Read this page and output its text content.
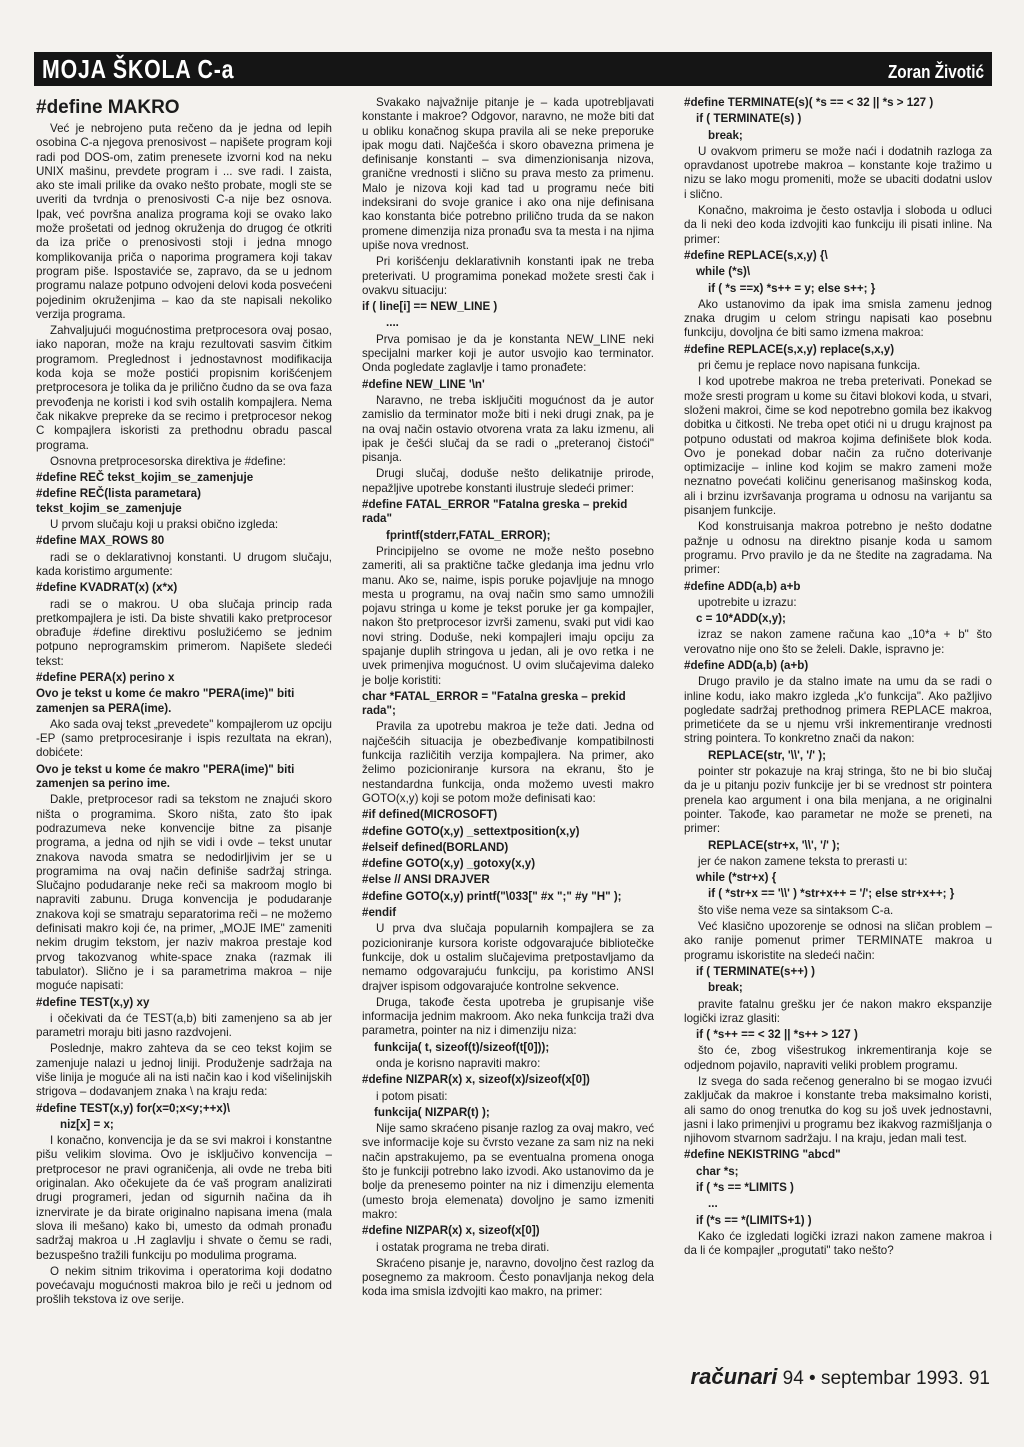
MOJA ŠKOLA C-a	Zoran Životić
#define MAKRO
Već je nebrojeno puta rečeno da je jedna od lepih osobina C-a njegova prenosivost – napišete program koji radi pod DOS-om, zatim prenesete izvorni kod na neku UNIX mašinu, prevdete program i ... sve radi. I zaista, ako ste imali prilike da ovako nešto probate, mogli ste se uveriti da tvrdnja o prenosivosti C-a nije bez osnova. Ipak, već površna analiza programa koji se ovako lako može prošetati od jednog okruženja do drugog će otkriti da iza priče o prenosivosti stoji i jedna mnogo komplikovanija priča o naporima programera koji takav program piše. Ispostaviće se, zapravo, da se u jednom programu nalaze potpuno odvojeni delovi koda posvećeni pojedinim okruženjima – kao da ste napisali nekoliko verzija programa.
Zahvaljujući mogućnostima pretprocesora ovaj posao, iako naporan, može na kraju rezultovati sasvim čitkim programom. Preglednost i jednostavnost modifikacija koda koja se može postići propisnim korišćenjem pretprocesora je tolika da je prilično čudno da se ova faza prevođenja ne koristi i kod svih ostalih kompajlera. Nema čak nikakve prepreke da se recimo i pretprocesor nekog C kompajlera iskoristi za prethodnu obradu pascal programa.
Osnovna pretprocesorska direktiva je #define:
#define REČ tekst_kojim_se_zamenjuje
#define REČ(lista parametara) tekst_kojim_se_zamenjuje
U prvom slučaju koji u praksi obično izgleda:
#define MAX_ROWS 80
radi se o deklarativnoj konstanti. U drugom slučaju, kada koristimo argumente:
#define KVADRAT(x) (x*x)
radi se o makrou. U oba slučaja princip rada pretkompajlera je isti. Da biste shvatili kako pretprocesor obrađuje #define direktivu poslužićemo se jednim potpuno neprogramskim primerom. Napišete sledeći tekst:
#define PERA(x) perino x
Ovo je tekst u kome će makro "PERA(ime)" biti zamenjen sa PERA(ime).
Ako sada ovaj tekst „prevedete" kompajlerom uz opciju -EP (samo pretprocesiranje i ispis rezultata na ekran), dobićete:
Ovo je tekst u kome će makro "PERA(ime)" biti zamenjen sa perino ime.
Dakle, pretprocesor radi sa tekstom ne znajući skoro ništa o programima. Skoro ništa, zato što ipak podrazumeva neke konvencije bitne za pisanje programa, a jedna od njih se vidi i ovde – tekst unutar znakova navoda smatra se nedodirljivim jer se u programima na ovaj način definiše sadržaj stringa. Slučajno podudaranje neke reči sa makroom moglo bi napraviti zabunu. Druga konvencija je podudaranje znakova koji se smatraju separatorima reči – ne možemo definisati makro koji će, na primer, „MOJE IME" zameniti nekim drugim tekstom, jer naziv makroa prestaje kod prvog takozvanog white-space znaka (razmak ili tabulator). Slično je i sa parametrima makroa – nije moguće napisati:
#define TEST(x,y) xy
i očekivati da će TEST(a,b) biti zamenjeno sa ab jer parametri moraju biti jasno razdvojeni.
Poslednje, makro zahteva da se ceo tekst kojim se zamenjuje nalazi u jednoj liniji. Produženje sadržaja na više linija je moguće ali na isti način kao i kod višelinijskih strigova – dodavanjem znaka \ na kraju reda:
#define TEST(x,y) for(x=0;x<y;++x)\
niz[x] = x;
I konačno, konvencija je da se svi makroi i konstantne pišu velikim slovima. Ovo je isključivo konvencija – pretprocesor ne pravi ograničenja, ali ovde ne treba biti originalan. Ako očekujete da će vaš program analizirati drugi programeri, jedan od sigurnih načina da ih iznervirate je da birate originalno napisana imena (mala slova ili mešano) kako bi, umesto da odmah pronađu sadržaj makroa u .H zaglavlju i shvate o čemu se radi, bezuspešno tražili funkciju po modulima programa.
O nekim sitnim trikovima i operatorima koji dodatno povećavaju mogućnosti makroa bilo je reči u jednom od prošlih tekstova iz ove serije.
Svakako najvažnije pitanje je – kada upotrebljavati konstante i makroe? Odgovor, naravno, ne može biti dat u obliku konačnog skupa pravila ali se neke preporuke ipak mogu dati. Najčešća i skoro obavezna primena je definisanje konstanti – sva dimenzionisanja nizova, granične vrednosti i slično su prava mesto za primenu. Malo je nizova koji kad tad u programu neće biti indeksirani do svoje granice i ako ona nije definisana kao konstanta biće potrebno prilično truda da se nakon promene dimenzija niza pronađu sva ta mesta i na njima upiše nova vrednost.
Pri korišćenju deklarativnih konstanti ipak ne treba preterivati. U programima ponekad možete sresti čak i ovakvu situaciju:
if ( line[i] == NEW_LINE )
....
Prva pomisao je da je konstanta NEW_LINE neki specijalni marker koji je autor usvojio kao terminator. Onda pogledate zaglavlje i tamo pronađete:
#define NEW_LINE '\n'
Naravno, ne treba isključiti mogućnost da je autor zamislio da terminator može biti i neki drugi znak, pa je na ovaj način ostavio otvorena vrata za laku izmenu, ali ipak je češći slučaj da se radi o „preteranoj čistoći" pisanja.
Drugi slučaj, doduše nešto delikatnije prirode, nepažljive upotrebe konstanti ilustruje sledeći primer:
#define FATAL_ERROR "Fatalna greska – prekid rada"
fprintf(stderr,FATAL_ERROR);
Principijelno se ovome ne može nešto posebno zameriti, ali sa praktične tačke gledanja ima jednu vrlo manu. Ako se, naime, ispis poruke pojavljuje na mnogo mesta u programu, na ovaj način smo samo umnožili pojavu stringa u kome je tekst poruke jer ga kompajler, nakon što pretprocesor izvrši zamenu, svaki put vidi kao novi string. Doduše, neki kompajleri imaju opciju za spajanje duplih stringova u jedan, ali je ovo retka i ne uvek primenjiva mogućnost. U ovim slučajevima daleko je bolje koristiti:
char *FATAL_ERROR = "Fatalna greska – prekid rada";
Pravila za upotrebu makroa je teže dati. Jedna od najčešćih situacija je obezbeđivanje kompatibilnosti funkcija različitih verzija kompajlera. Na primer, ako želimo pozicioniranje kursora na ekranu, što je nestandardna funkcija, onda možemo uvesti makro GOTO(x,y) koji se potom može definisati kao:
#if defined(MICROSOFT)
#define GOTO(x,y) _settextposition(x,y)
#elseif defined(BORLAND)
#define GOTO(x,y) _gotoxy(x,y)
#else // ANSI DRAJVER
#define GOTO(x,y) printf("\033[" #x ";" #y "H" );
#endif
U prva dva slučaja popularnih kompajlera se za pozicioniranje kursora koriste odgovarajuće bibliotečke funkcije, dok u ostalim slučajevima pretpostavljamo da nemamo odgovarajuću funkciju, pa koristimo ANSI drajver ispisom odgovarajuće kontrolne sekvence.
Druga, takođe česta upotreba je grupisanje više informacija jednim makroom. Ako neka funkcija traži dva parametra, pointer na niz i dimenziju niza:
funkcija( t, sizeof(t)/sizeof(t[0]));
onda je korisno napraviti makro:
#define NIZPAR(x) x, sizeof(x)/sizeof(x[0])
i potom pisati:
funkcija( NIZPAR(t) );
Nije samo skraćeno pisanje razlog za ovaj makro, već sve informacije koje su čvrsto vezane za sam niz na neki način apstrakujemo, pa se eventualna promena onoga što je funkciji potrebno lako izvodi. Ako ustanovimo da je bolje da prenesemo pointer na niz i dimenziju elementa (umesto broja elemenata) dovoljno je samo izmeniti makro:
#define NIZPAR(x) x, sizeof(x[0])
i ostatak programa ne treba dirati.
Skraćeno pisanje je, naravno, dovoljno čest razlog da posegnemo za makroom. Često ponavljanja nekog dela koda ima smisla izdvojiti kao makro, na primer:
#define TERMINATE(s)( *s == < 32 || *s > 127 )
if ( TERMINATE(s) )
break;
U ovakvom primeru se može naći i dodatnih razloga za opravdanost upotrebe makroa – konstante koje tražimo u nizu se lako mogu promeniti, može se ubaciti dodatni uslov i slično.
Konačno, makroima je često ostavlja i sloboda u odluci da li neki deo koda izdvojiti kao funkciju ili pisati inline. Na primer:
#define REPLACE(s,x,y) {\
while (*s)\
if ( *s ==x) *s++ = y; else s++; }
Ako ustanovimo da ipak ima smisla zamenu jednog znaka drugim u celom stringu napisati kao posebnu funkciju, dovoljna će biti samo izmena makroa:
#define REPLACE(s,x,y) replace(s,x,y)
pri čemu je replace novo napisana funkcija.
I kod upotrebe makroa ne treba preterivati. Ponekad se može sresti program u kome su čitavi blokovi koda, u stvari, složeni makroi, čime se kod nepotrebno gomila bez ikakvog dobitka u čitkosti. Ne treba opet otići ni u drugu krajnost pa potpuno odustati od makroa kojima definišete blok koda. Ovo je ponekad dobar način za ručno doterivanje optimizacije – inline kod kojim se makro zameni može neznatno povećati količinu generisanog mašinskog koda, ali i brzinu izvršavanja programa u odnosu na varijantu sa pisanjem funkcije.
Kod konstruisanja makroa potrebno je nešto dodatne pažnje u odnosu na direktno pisanje koda u samom programu. Prvo pravilo je da ne štedite na zagradama. Na primer:
#define ADD(a,b) a+b
upotrebite u izrazu:
c = 10*ADD(x,y);
izraz se nakon zamene računa kao „10*a + b" što verovatno nije ono što se želeli. Dakle, ispravno je:
#define ADD(a,b) (a+b)
Drugo pravilo je da stalno imate na umu da se radi o inline kodu, iako makro izgleda „k'o funkcija". Ako pažljivo pogledate sadržaj prethodnog primera REPLACE makroa, primetićete da se u njemu vrši inkrementiranje vrednosti string pointera. To konkretno znači da nakon:
REPLACE(str, '\\', '/' );
pointer str pokazuje na kraj stringa, što ne bi bio slučaj da je u pitanju poziv funkcije jer bi se vrednost str pointera prenela kao argument i ona bila menjana, a ne originalni pointer. Takođe, kao parametar ne može se preneti, na primer:
REPLACE(str+x, '\\', '/' );
jer će nakon zamene teksta to prerasti u:
while (*str+x) {
if ( *str+x == '\\' ) *str+x++ = '/'; else str+x++; }
što više nema veze sa sintaksom C-a.
Već klasično upozorenje se odnosi na sličan problem – ako ranije pomenut primer TERMINATE makroa u programu iskoristite na sledeći način:
if ( TERMINATE(s++) )
break;
pravite fatalnu grešku jer će nakon makro ekspanzije logički izraz glasiti:
if ( *s++ == < 32 || *s++ > 127 )
što će, zbog višestrukog inkrementiranja koje se odjednom pojavilo, napraviti veliki problem programu.
Iz svega do sada rečenog generalno bi se mogao izvući zaključak da makroe i konstante treba maksimalno koristi, ali samo do onog trenutka do kog su još uvek jednostavni, jasni i lako primenjivi u programu bez ikakvog razmišljanja o njihovom stvarnom sadržaju. I na kraju, jedan mali test.
#define NEKISTRING "abcd"
char *s;
if ( *s == *LIMITS )
...
if (*s == *(LIMITS+1) )
Kako će izgledati logički izrazi nakon zamene makroa i da li će kompajler „progutati" tako nešto?
računari 94 • septembar 1993. 91
